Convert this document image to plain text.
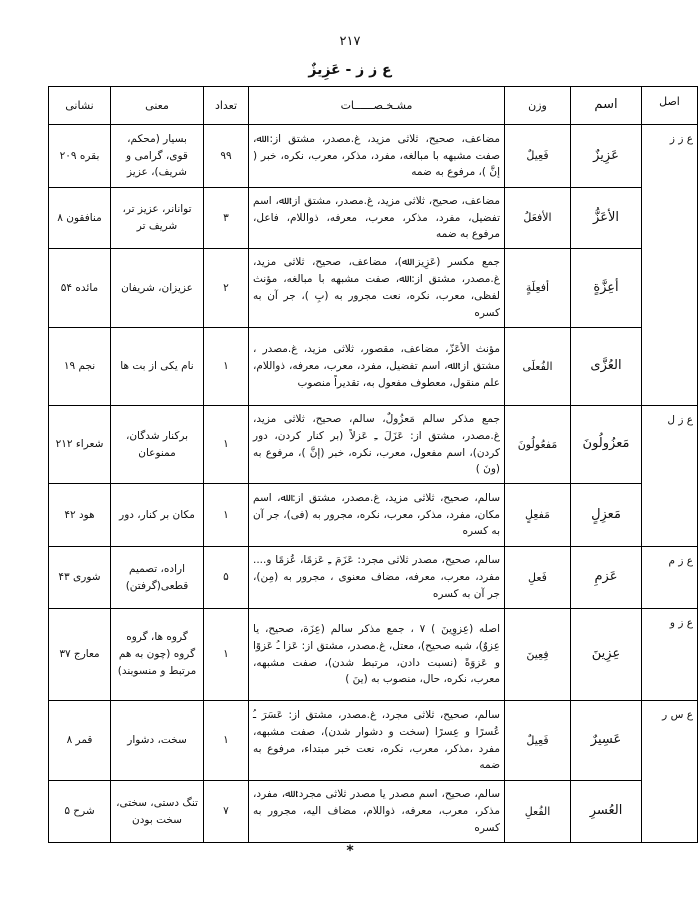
۲۱۷
ع ز ز - عَزِيزٌ
اصل	اسم	وزن	مشـخـصــــــات	تعداد	معنی	نشانی
ع ز ز	عَزِيزٌ	فَعِيلٌ	مضاعف، صحيح، ثلاثى مزيد، غ.مصدر، مشتق از: ﷲ، صفت مشبهه با مبالغه، مفرد، مذكر، معرب، نكره، خبر ( إنَّ )، مرفوع به ضمه	۹۹	بسیار (محکم، قوی، گرامی و شریف)، عزیز	بقره ۲۰۹
	الأعَزُّ	الأفعَلُ	مضاعف، صحيح، ثلاثى مزيد، غ.مصدر، مشتق از: ﷲ، اسم تفضيل، مفرد، مذكر، معرب، معرفه، ذواللام، فاعل، مرفوع به ضمه	۳	توانانر، عزیز تر، شریف تر	منافقون ۸
	أعِزَّةٍ	أفعِلَةٍ	جمع مكسر (عَزِيز ﷲ)، مضاعف، صحيح، ثلاثى مزيد، غ.مصدر، مشتق از: ﷲ، صفت مشبهه با مبالغه، مؤنث لفظى، معرب، نكره، نعت مجرور به (بِ )، جر آن به كسره	۲	عزیزان، شریفان	مائده ۵۴
	العُزَّى	الفُعلَى	مؤنث الأعَزّ، مضاعف، مقصور، ثلاثى مزيد، غ.مصدر ، مشتق از: ﷲ، اسم تفضيل، مفرد، معرب، معرفه، ذواللام، علم منقول، معطوف مفعول به، تقديراً منصوب	۱	نام یکی از بت ها	نجم ۱۹
ع ز ل	مَعزُولُونَ	مَفعُولُونَ	جمع مذكر سالم مَعزُولٌ، سالم، صحيح، ثلاثى مزيد، غ.مصدر، مشتق از: عَزَلَ ـِ عَزلاً (بر كنار كردن، دور كردن)، اسم مفعول، معرب، نكره، خبر (إنَّ )، مرفوع به (ونَ )	۱	برکنار شدگان، ممنوعان	شعراء ۲۱۲
	مَعزِلٍ	مَفعِلٍ	سالم، صحيح، ثلاثى مزيد، غ.مصدر، مشتق از: ﷲ، اسم مكان، مفرد، مذكر، معرب، نكره، مجرور به (فى)، جر آن به كسره	۱	مکان بر کنار، دور	هود ۴۲
ع ز م	عَزمِ	فَعلِ	سالم، صحيح، مصدر ثلاثى مجرد: عَزَمَ ـِ عَزمًا، عُزمًا و.... مفرد، معرب، معرفه، مضاف معنوى ، مجرور به (مِن)، جر آن به كسره	۵	اراده، تصمیم قطعی(گرفتن)	شوری ۴۳
ع ز و	عِزِينَ	فِعِينَ	اصله (عِزوِينَ ) ۷ ، جمع مذكر سالم (عِزَة، صحيح، يا عِزوٌ)، شبه صحيح)، معتل، غ.مصدر، مشتق از: عَزا ـُ عَزوًا و عَزوَةً (نسبت دادن، مرتبط شدن)، صفت مشبهه، معرب، نكره، حال، منصوب به (ينَ )	۱	گروه ها، گروه گروه (چون به هم مرتبط و منسوبند)	معارج ۳۷
ع س ر	عَسِيرٌ	فَعِيلٌ	سالم، صحيح، ثلاثى مجرد، غ.مصدر، مشتق از: عَسَرَ ـُ عُسرًا و عِسرًا (سخت و دشوار شدن)، صفت مشبهه، مفرد ،مذكر، معرب، نكره، نعت خبر مبتداء، مرفوع به ضمه	۱	سخت، دشوار	قمر ۸
	العُسرِ	الفُعلِ	سالم، صحيح، اسم مصدر يا مصدر ثلاثى مجرد: ﷲ، مفرد، مذكر، معرب، معرفه، ذواللام، مضاف اليه، مجرور به كسره	۷	تنگ دستی، سختی، سخت بودن	شرح ۵
*
